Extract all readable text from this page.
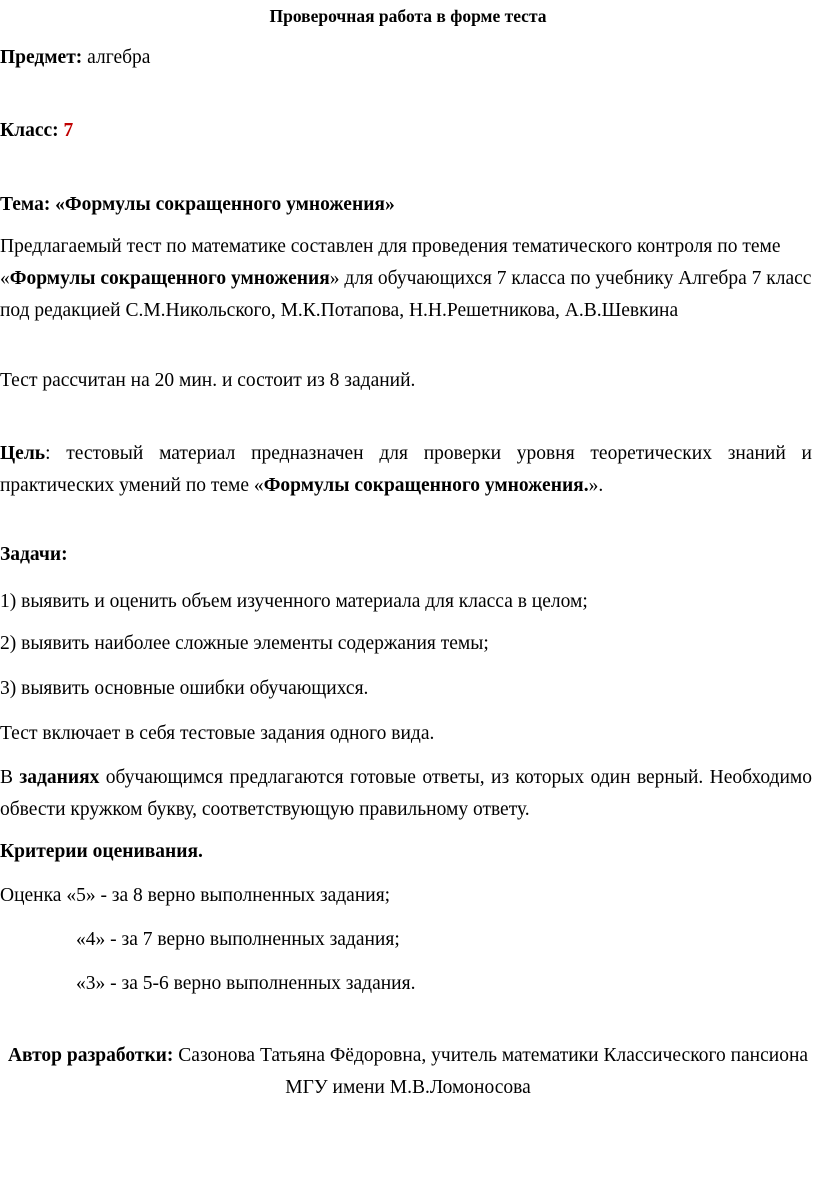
Проверочная работа в форме теста
Предмет: алгебра
Класс: 7
Тема: «Формулы сокращенного умножения»
Предлагаемый тест по математике составлен для проведения тематического контроля по теме «Формулы сокращенного умножения» для обучающихся 7 класса по учебнику Алгебра 7 класс под редакцией С.М.Никольского, М.К.Потапова, Н.Н.Решетникова, А.В.Шевкина
Тест рассчитан на 20 мин. и состоит из 8 заданий.
Цель: тестовый материал предназначен для проверки уровня теоретических знаний и практических умений по теме «Формулы сокращенного умножения.».
Задачи:
1) выявить и оценить объем изученного материала для класса в целом;
2) выявить наиболее сложные элементы содержания темы;
3) выявить основные ошибки обучающихся.
Тест включает в себя тестовые задания одного вида.
В заданиях обучающимся предлагаются готовые ответы, из которых один верный. Необходимо обвести кружком букву, соответствующую правильному ответу.
Критерии оценивания.
Оценка «5» - за 8 верно выполненных задания;
«4» - за 7 верно выполненных задания;
«3» - за 5-6 верно выполненных задания.
Автор разработки: Сазонова Татьяна Фёдоровна, учитель математики Классического пансиона МГУ имени М.В.Ломоносова
